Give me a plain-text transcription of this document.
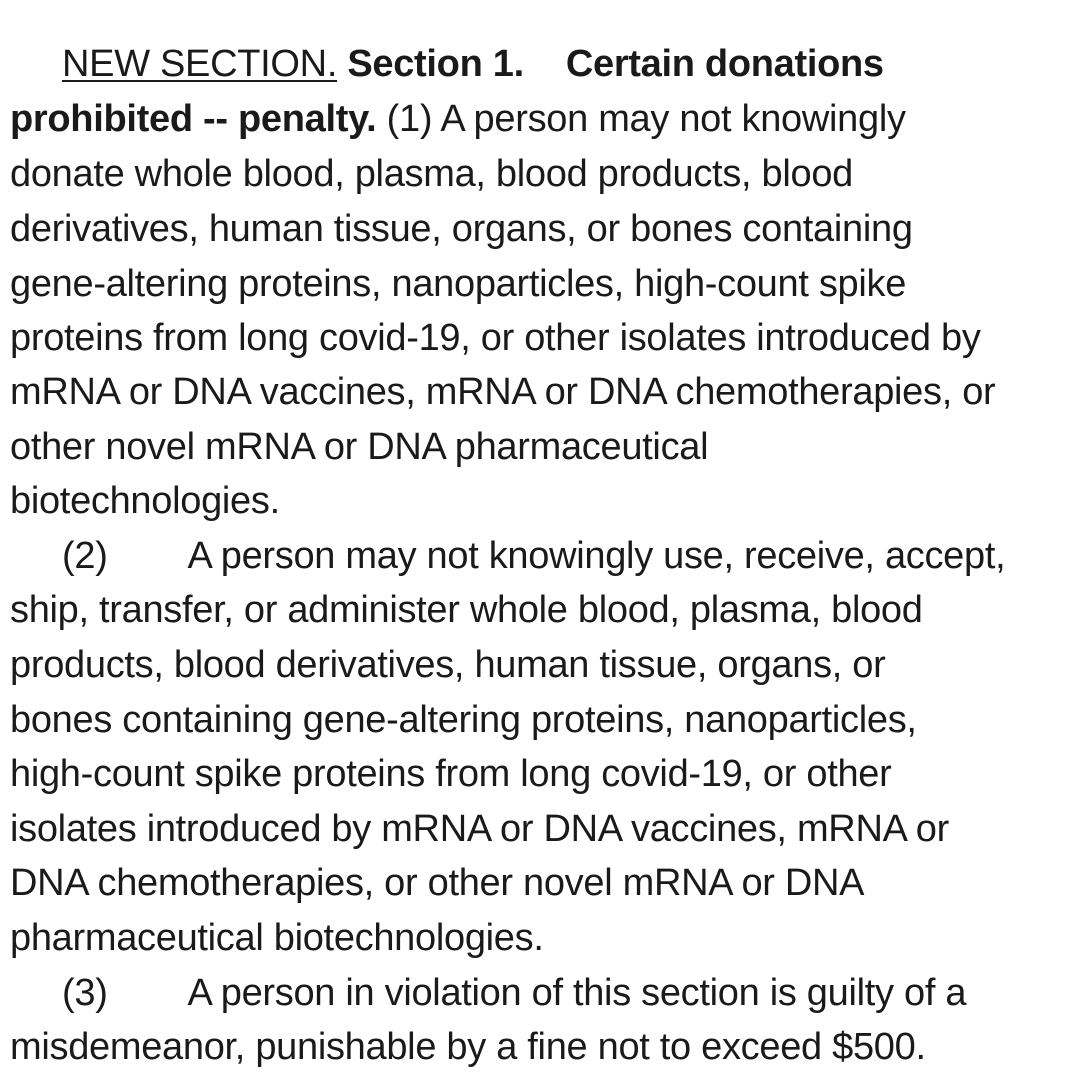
NEW SECTION. Section 1. Certain donations
prohibited -- penalty. (1) A person may not knowingly
donate whole blood, plasma, blood products, blood
derivatives, human tissue, organs, or bones containing
gene-altering proteins, nanoparticles, high-count spike
proteins from long covid-19, or other isolates introduced by
mRNA or DNA vaccines, mRNA or DNA chemotherapies, or
other novel mRNA or DNA pharmaceutical
biotechnologies.
(2) A person may not knowingly use, receive, accept,
ship, transfer, or administer whole blood, plasma, blood
products, blood derivatives, human tissue, organs, or
bones containing gene-altering proteins, nanoparticles,
high-count spike proteins from long covid-19, or other
isolates introduced by mRNA or DNA vaccines, mRNA or
DNA chemotherapies, or other novel mRNA or DNA
pharmaceutical biotechnologies.
(3) A person in violation of this section is guilty of a
misdemeanor, punishable by a fine not to exceed $500.
